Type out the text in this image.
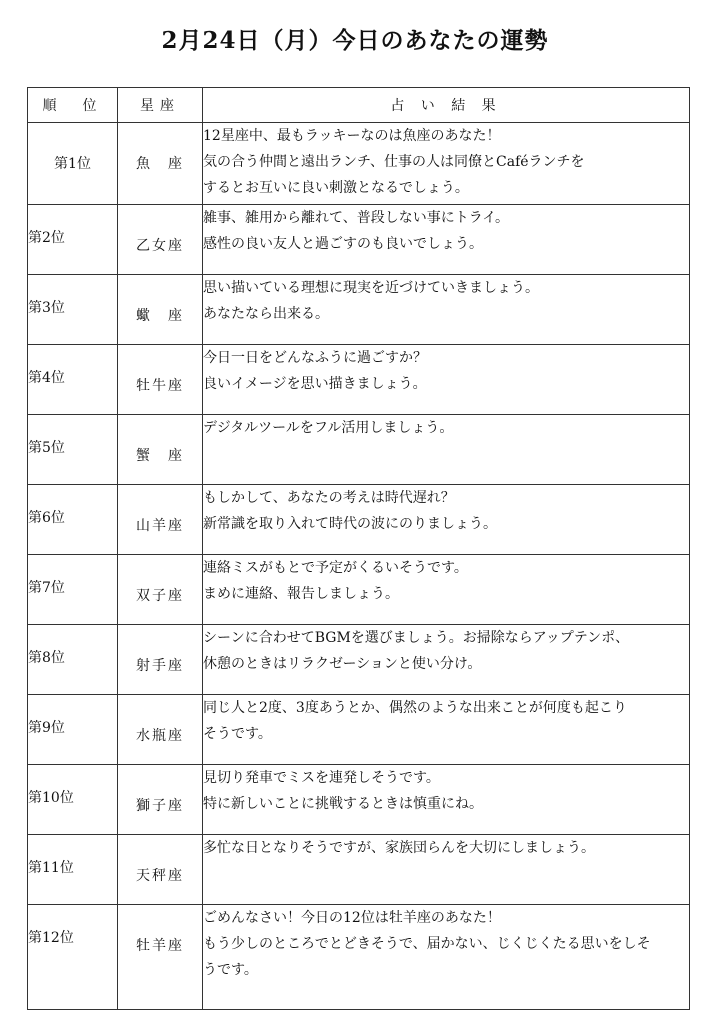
2月24日（月）今日のあなたの運勢
順　位	星座	占 い 結 果

第1位	魚　座	12星座中、最もラッキーなのは魚座のあなた！
気の合う仲間と遠出ランチ、仕事の人は同僚とCaféランチを
するとお互いに良い刺激となるでしょう。

第2位	乙女座	雑事、雑用から離れて、普段しない事にトライ。
感性の良い友人と過ごすのも良いでしょう。

第3位	蠍　座	思い描いている理想に現実を近づけていきましょう。
あなたなら出来る。

第4位	牡牛座	今日一日をどんなふうに過ごすか？
良いイメージを思い描きましょう。

第5位	蟹　座	デジタルツールをフル活用しましょう。

第6位	山羊座	もしかして、あなたの考えは時代遅れ？
新常識を取り入れて時代の波にのりましょう。

第7位	双子座	連絡ミスがもとで予定がくるいそうです。
まめに連絡、報告しましょう。

第8位	射手座	シーンに合わせてBGMを選びましょう。お掃除ならアップテンポ、
休憩のときはリラクゼーションと使い分け。

第9位	水瓶座	同じ人と2度、3度あうとか、偶然のような出来ことが何度も起こり
そうです。

第10位	獅子座	見切り発車でミスを連発しそうです。
特に新しいことに挑戦するときは慎重にね。

第11位	天秤座	多忙な日となりそうですが、家族団らんを大切にしましょう。

第12位	牡羊座	ごめんなさい！今日の12位は牡羊座のあなた！
もう少しのところでとどきそうで、届かない、じくじくたる思いをしそ
うです。
